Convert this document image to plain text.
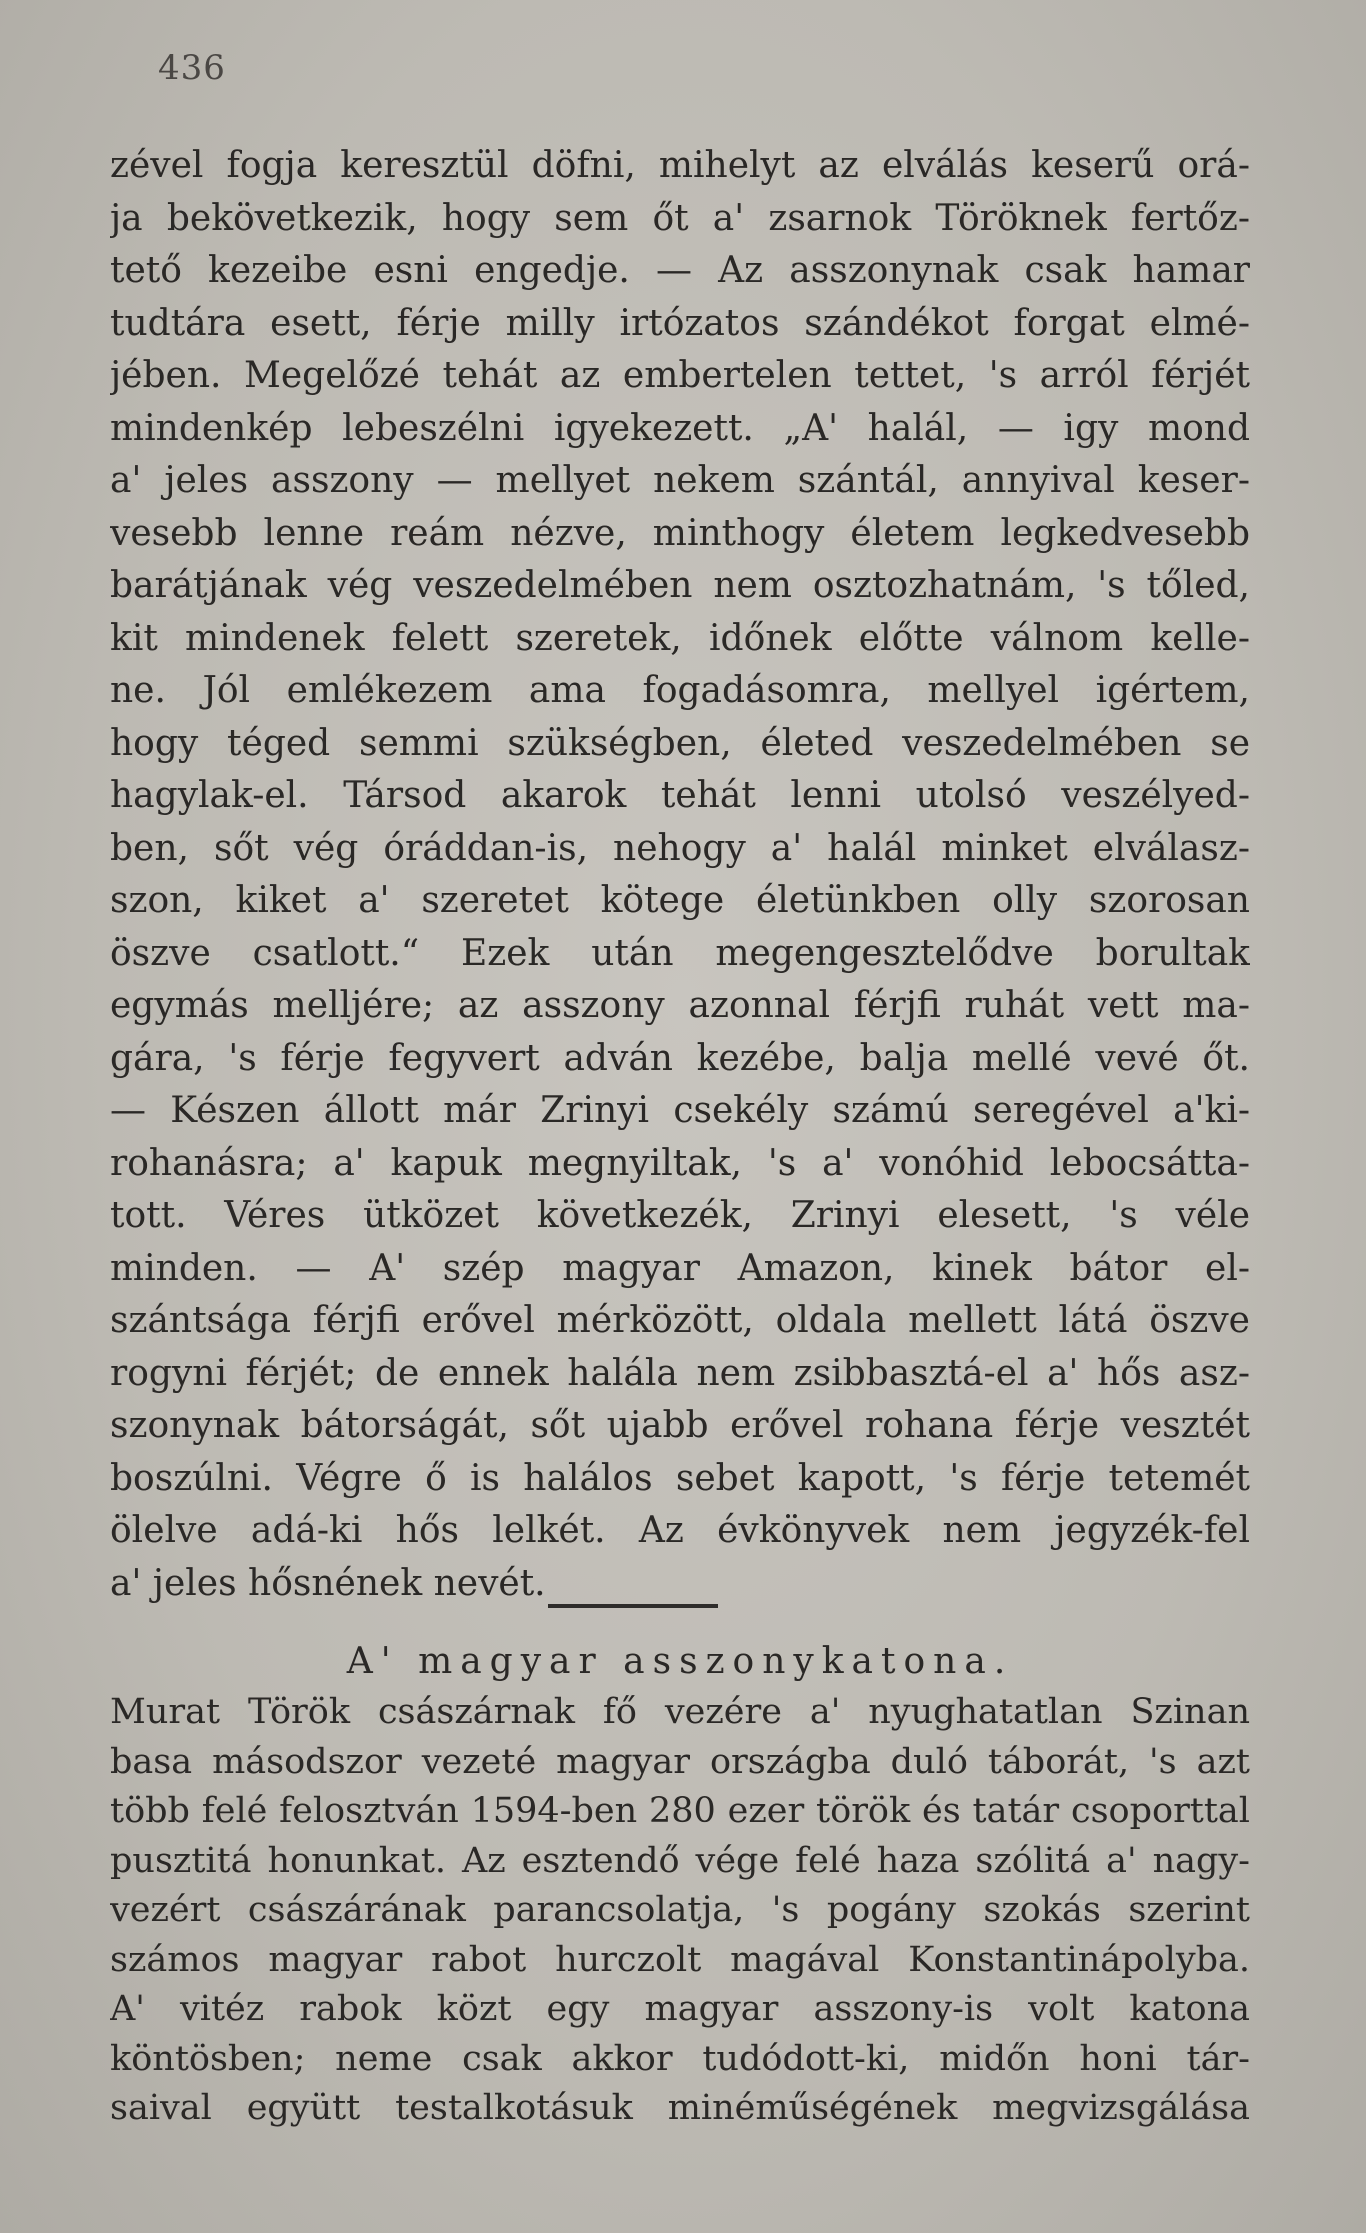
436
zével fogja keresztül döfni, mihelyt az elválás keserű orá-
ja bekövetkezik, hogy sem őt a' zsarnok Töröknek fertőz-
tető kezeibe esni engedje. — Az asszonynak csak hamar
tudtára esett, férje milly irtózatos szándékot forgat elmé-
jében. Megelőzé tehát az embertelen tettet, 's arról férjét
mindenkép lebeszélni igyekezett. „A' halál, — igy mond
a' jeles asszony — mellyet nekem szántál, annyival keser-
vesebb lenne reám nézve, minthogy életem legkedvesebb
barátjának vég veszedelmében nem osztozhatnám, 's tőled,
kit mindenek felett szeretek, időnek előtte válnom kelle-
ne. Jól emlékezem ama fogadásomra, mellyel igértem,
hogy téged semmi szükségben, életed veszedelmében se
hagylak-el. Társod akarok tehát lenni utolsó veszélyed-
ben, sőt vég óráddan-is, nehogy a' halál minket elválasz-
szon, kiket a' szeretet kötege életünkben olly szorosan
öszve csatlott.“ Ezek után megengesztelődve borultak
egymás melljére; az asszony azonnal férjfi ruhát vett ma-
gára, 's férje fegyvert adván kezébe, balja mellé vevé őt.
— Készen állott már Zrinyi csekély számú seregével a'ki-
rohanásra; a' kapuk megnyiltak, 's a' vonóhid lebocsátta-
tott. Véres ütközet következék, Zrinyi elesett, 's véle
minden. — A' szép magyar Amazon, kinek bátor el-
szántsága férjfi erővel mérközött, oldala mellett látá öszve
rogyni férjét; de ennek halála nem zsibbasztá-el a' hős asz-
szonynak bátorságát, sőt ujabb erővel rohana férje vesztét
boszúlni. Végre ő is halálos sebet kapott, 's férje tetemét
ölelve adá-ki hős lelkét. Az évkönyvek nem jegyzék-fel
a' jeles hősnének nevét.
A' magyar asszonykatona.
Murat Török császárnak fő vezére a' nyughatatlan Szinan
basa másodszor vezeté magyar országba duló táborát, 's azt
több felé felosztván 1594-ben 280 ezer török és tatár csoporttal
pusztitá honunkat. Az esztendő vége felé haza szólitá a' nagy-
vezért császárának parancsolatja, 's pogány szokás szerint
számos magyar rabot hurczolt magával Konstantinápolyba.
A' vitéz rabok közt egy magyar asszony-is volt katona
köntösben; neme csak akkor tudódott-ki, midőn honi tár-
saival együtt testalkotásuk minéműségének megvizsgálása
